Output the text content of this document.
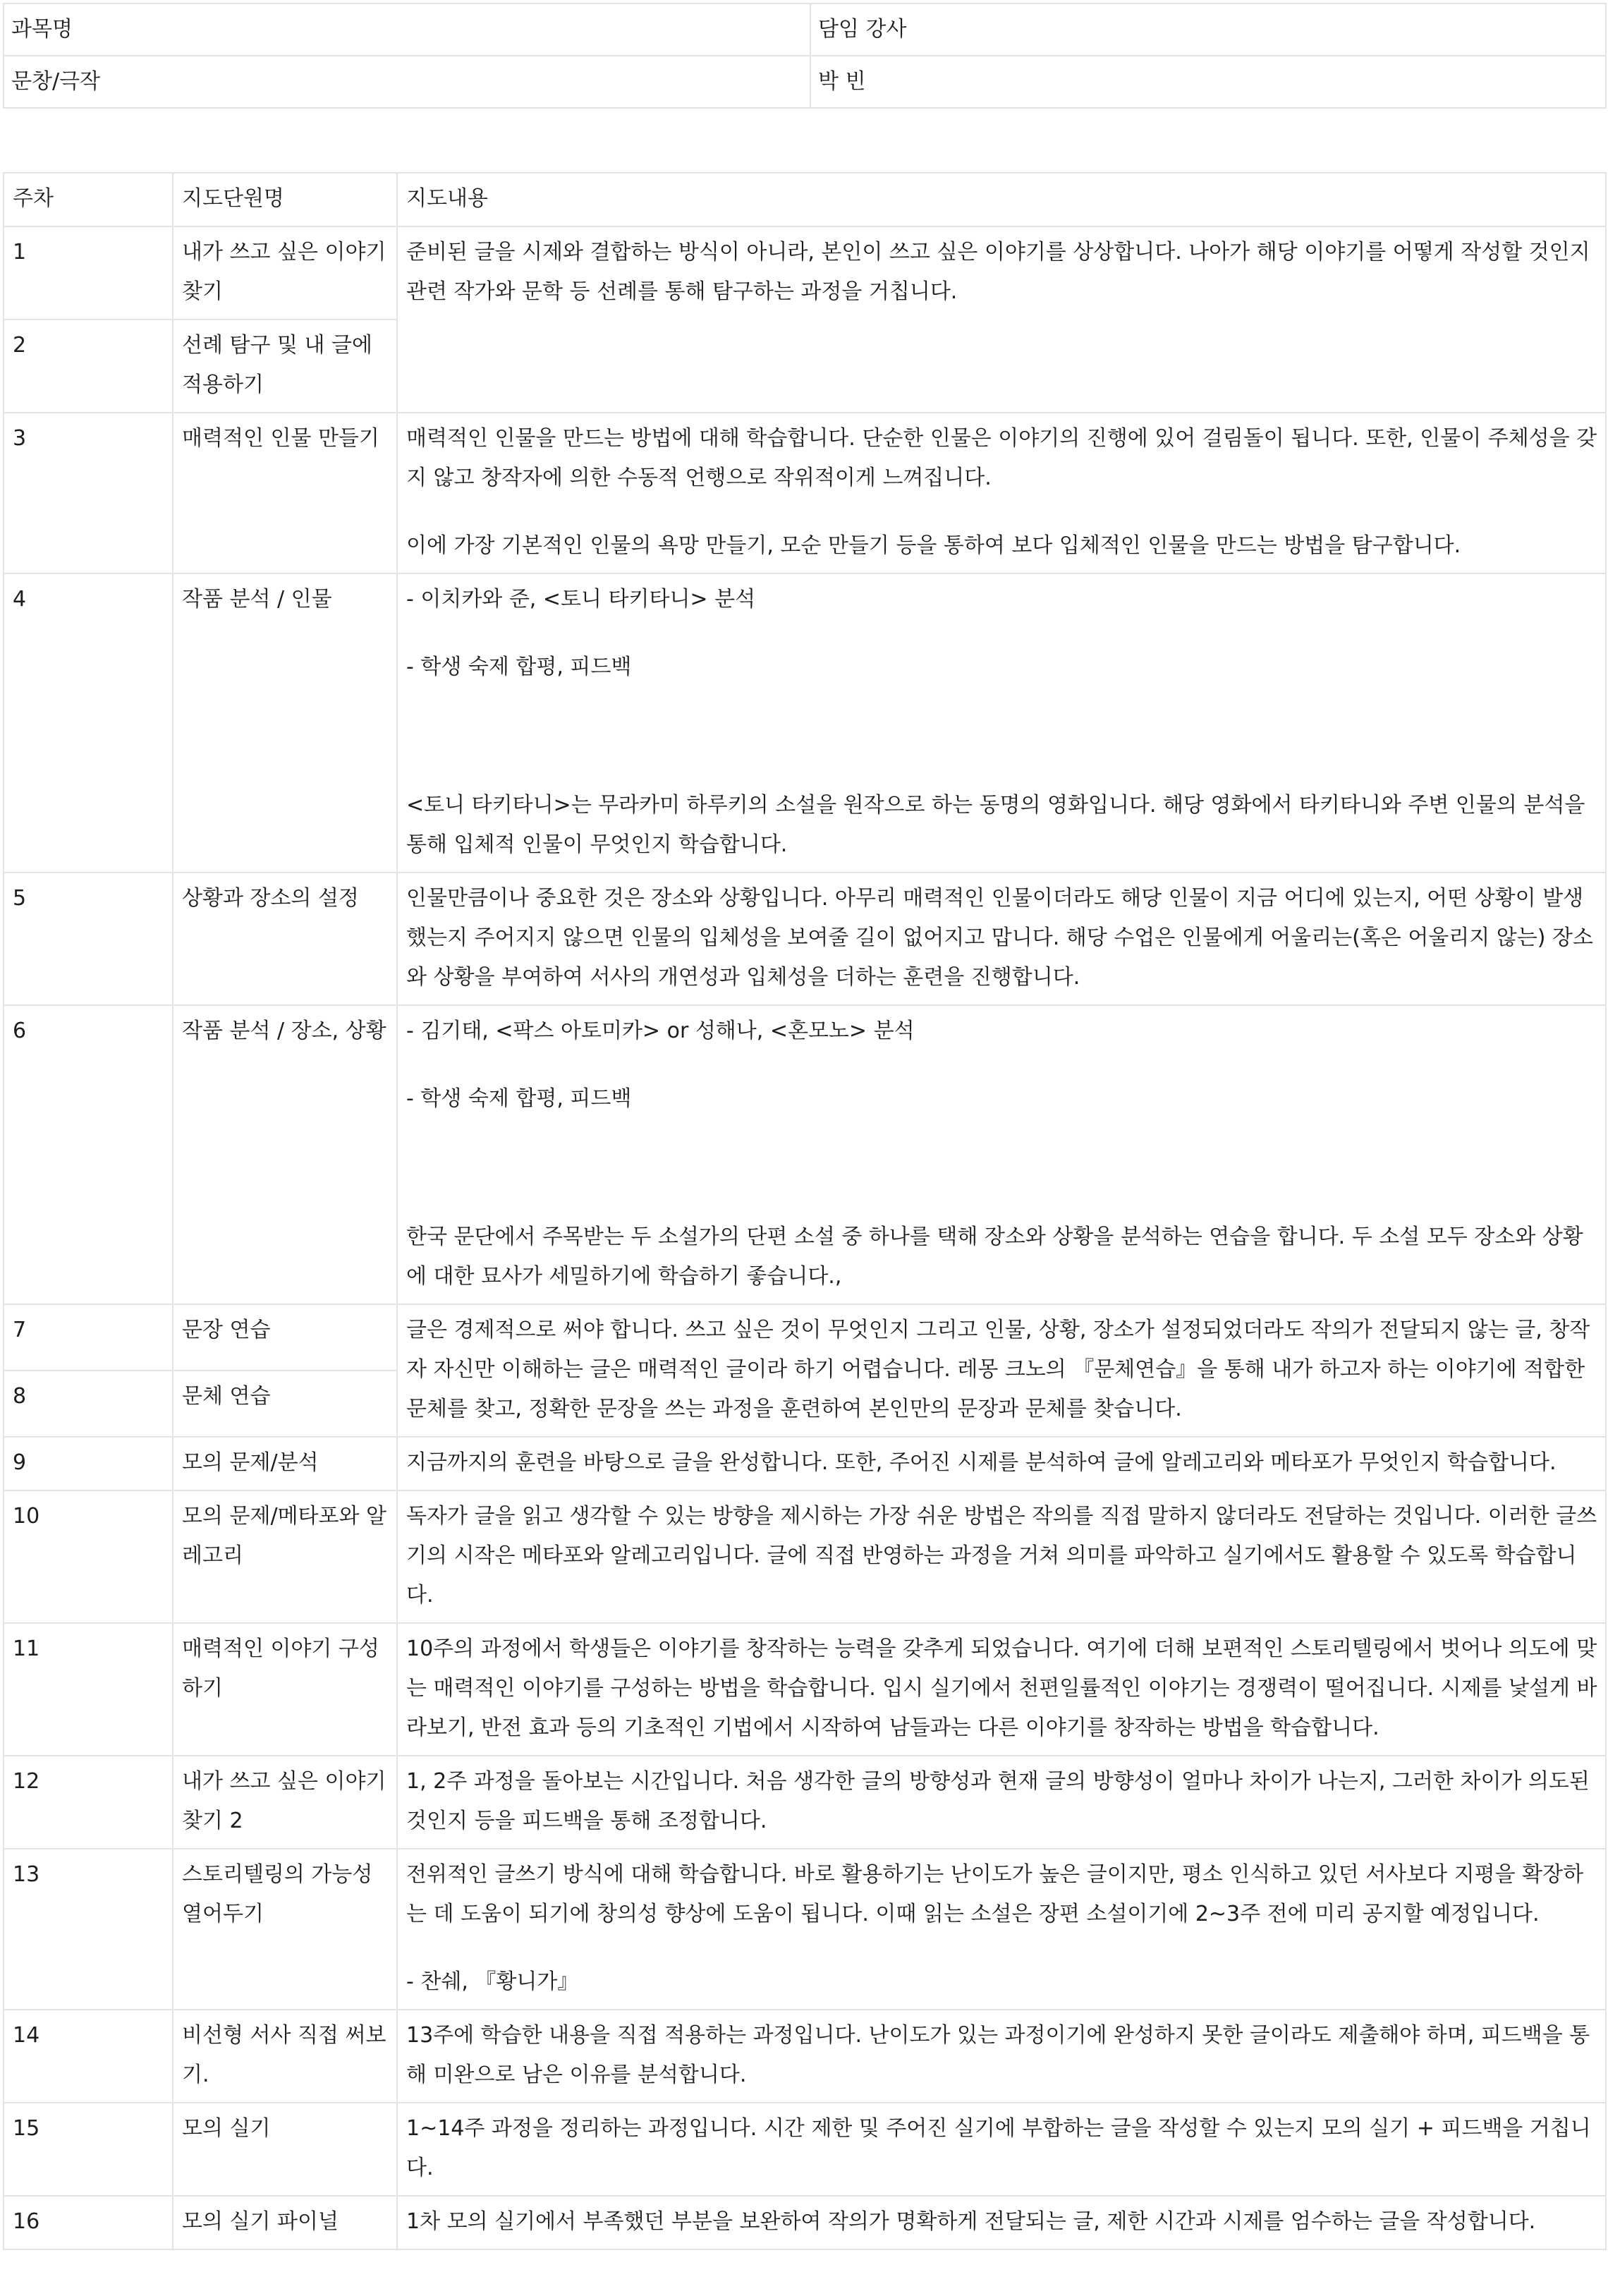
과목명	담임 강사
문창/극작	박 빈
주차	지도단원명	지도내용
1	내가 쓰고 싶은 이야기 찾기	준비된 글을 시제와 결합하는 방식이 아니라, 본인이 쓰고 싶은 이야기를 상상합니다. 나아가 해당 이야기를 어떻게 작성할 것인지 관련 작가와 문학 등 선례를 통해 탐구하는 과정을 거칩니다.
2	선례 탐구 및 내 글에 적용하기	
3	매력적인 인물 만들기	매력적인 인물을 만드는 방법에 대해 학습합니다. 단순한 인물은 이야기의 진행에 있어 걸림돌이 됩니다. 또한, 인물이 주체성을 갖지 않고 창작자에 의한 수동적 언행으로 작위적이게 느껴집니다.

이에 가장 기본적인 인물의 욕망 만들기, 모순 만들기 등을 통하여 보다 입체적인 인물을 만드는 방법을 탐구합니다.

4	작품 분석 / 인물	- 이치카와 준, <토니 타키타니> 분석

- 학생 숙제 합평, 피드백

<토니 타키타니>는 무라카미 하루키의 소설을 원작으로 하는 동명의 영화입니다. 해당 영화에서 타키타니와 주변 인물의 분석을 통해 입체적 인물이 무엇인지 학습합니다.

5	상황과 장소의 설정	인물만큼이나 중요한 것은 장소와 상황입니다. 아무리 매력적인 인물이더라도 해당 인물이 지금 어디에 있는지, 어떤 상황이 발생했는지 주어지지 않으면 인물의 입체성을 보여줄 길이 없어지고 맙니다. 해당 수업은 인물에게 어울리는(혹은 어울리지 않는) 장소와 상황을 부여하여 서사의 개연성과 입체성을 더하는 훈련을 진행합니다.
6	작품 분석 / 장소, 상황	- 김기태, <팍스 아토미카> or 성해나, <혼모노> 분석

- 학생 숙제 합평, 피드백

한국 문단에서 주목받는 두 소설가의 단편 소설 중 하나를 택해 장소와 상황을 분석하는 연습을 합니다. 두 소설 모두 장소와 상황에 대한 묘사가 세밀하기에 학습하기 좋습니다.,

7	문장 연습	글은 경제적으로 써야 합니다. 쓰고 싶은 것이 무엇인지 그리고 인물, 상황, 장소가 설정되었더라도 작의가 전달되지 않는 글, 창작자 자신만 이해하는 글은 매력적인 글이라 하기 어렵습니다. 레몽 크노의 『문체연습』을 통해 내가 하고자 하는 이야기에 적합한 문체를 찾고, 정확한 문장을 쓰는 과정을 훈련하여 본인만의 문장과 문체를 찾습니다.
8	문체 연습	
9	모의 문제/분석	지금까지의 훈련을 바탕으로 글을 완성합니다. 또한, 주어진 시제를 분석하여 글에 알레고리와 메타포가 무엇인지 학습합니다.
10	모의 문제/메타포와 알레고리	독자가 글을 읽고 생각할 수 있는 방향을 제시하는 가장 쉬운 방법은 작의를 직접 말하지 않더라도 전달하는 것입니다. 이러한 글쓰기의 시작은 메타포와 알레고리입니다. 글에 직접 반영하는 과정을 거쳐 의미를 파악하고 실기에서도 활용할 수 있도록 학습합니다.
11	매력적인 이야기 구성하기	10주의 과정에서 학생들은 이야기를 창작하는 능력을 갖추게 되었습니다. 여기에 더해 보편적인 스토리텔링에서 벗어나 의도에 맞는 매력적인 이야기를 구성하는 방법을 학습합니다. 입시 실기에서 천편일률적인 이야기는 경쟁력이 떨어집니다. 시제를 낯설게 바라보기, 반전 효과 등의 기초적인 기법에서 시작하여 남들과는 다른 이야기를 창작하는 방법을 학습합니다.
12	내가 쓰고 싶은 이야기 찾기 2	1, 2주 과정을 돌아보는 시간입니다. 처음 생각한 글의 방향성과 현재 글의 방향성이 얼마나 차이가 나는지, 그러한 차이가 의도된 것인지 등을 피드백을 통해 조정합니다.
13	스토리텔링의 가능성 열어두기	전위적인 글쓰기 방식에 대해 학습합니다. 바로 활용하기는 난이도가 높은 글이지만, 평소 인식하고 있던 서사보다 지평을 확장하는 데 도움이 되기에 창의성 향상에 도움이 됩니다. 이때 읽는 소설은 장편 소설이기에 2~3주 전에 미리 공지할 예정입니다.

- 찬쉐, 『황니가』

14	비선형 서사 직접 써보기.	13주에 학습한 내용을 직접 적용하는 과정입니다. 난이도가 있는 과정이기에 완성하지 못한 글이라도 제출해야 하며, 피드백을 통해 미완으로 남은 이유를 분석합니다.
15	모의 실기	1~14주 과정을 정리하는 과정입니다. 시간 제한 및 주어진 실기에 부합하는 글을 작성할 수 있는지 모의 실기 + 피드백을 거칩니다.
16	모의 실기 파이널	1차 모의 실기에서 부족했던 부분을 보완하여 작의가 명확하게 전달되는 글, 제한 시간과 시제를 엄수하는 글을 작성합니다.
